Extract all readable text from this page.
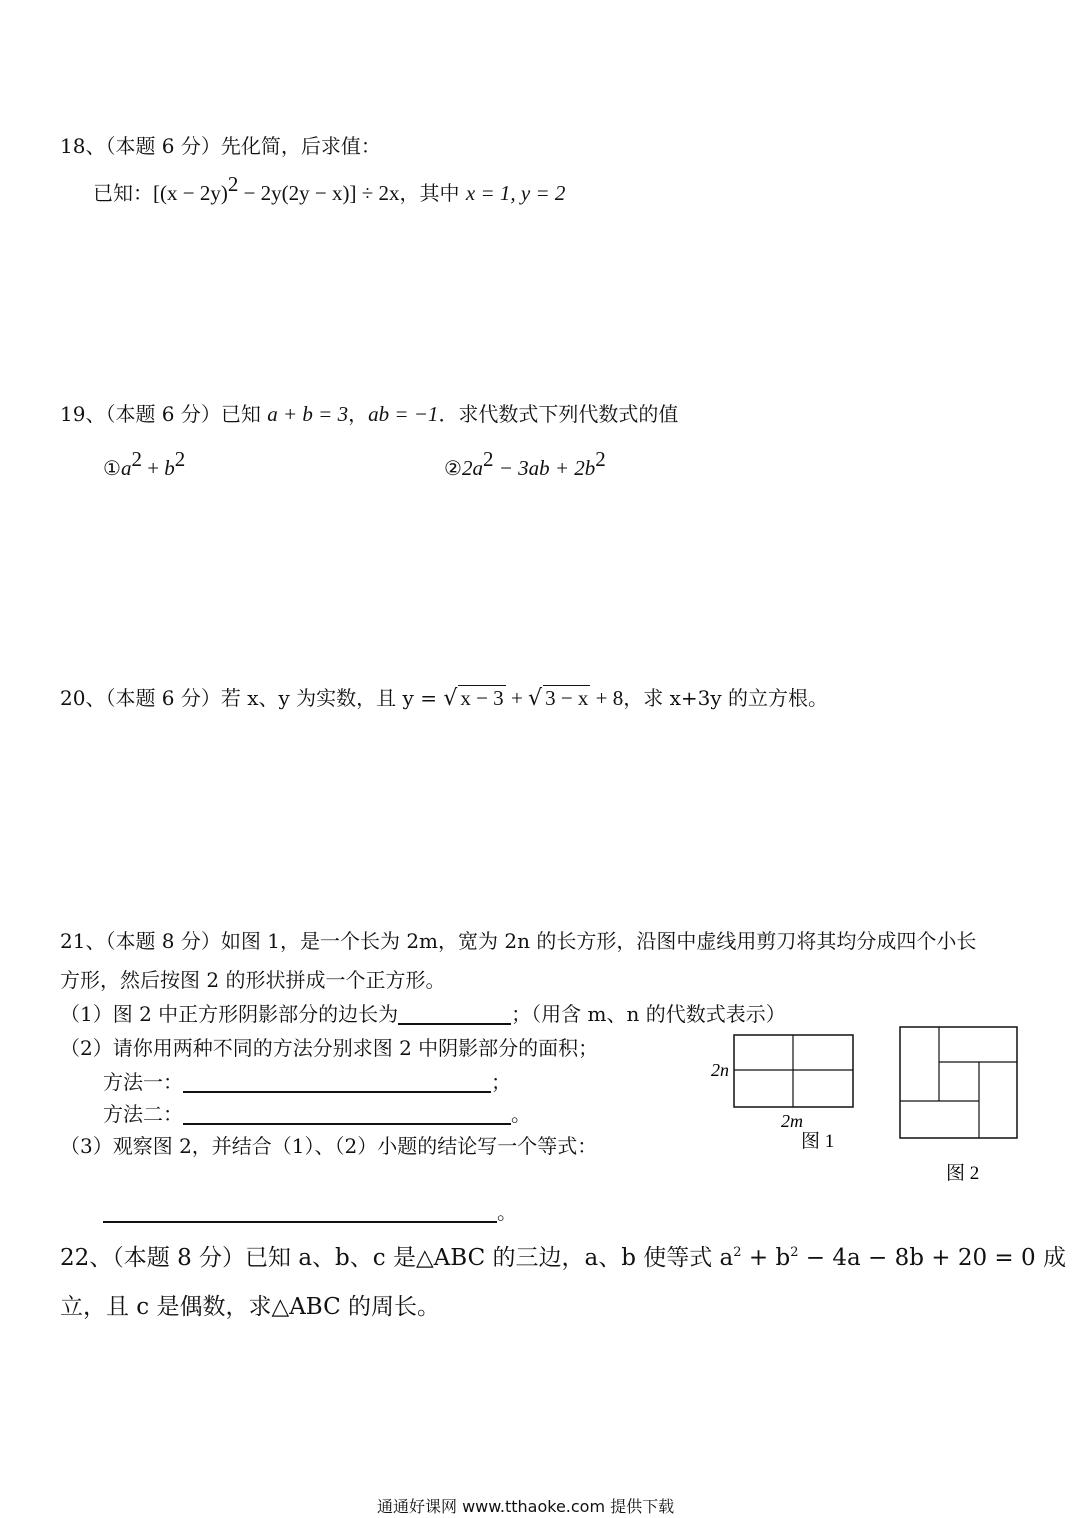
18、（本题 6 分）先化简，后求值：
已知：$[(x - 2y)^2 - 2y(2y - x)] \div 2x$，其中 x = 1, y = 2
19、（本题 6 分）已知 a + b = 3，ab = −1．求代数式下列代数式的值
$①a^2 + b^2$	$②2a^2 - 3ab + 2b^2$
20、（本题 6 分）若 x、y 为实数，且 y = √ x − 3 + √ 3 − x + 8，求 x+3y 的立方根。
21、（本题 8 分）如图 1，是一个长为 2m，宽为 2n 的长方形，沿图中虚线用剪刀将其均分成四个小长
方形，然后按图 2 的形状拼成一个正方形。
（1）图 2 中正方形阴影部分的边长为	；（用含 m、n 的代数式表示）
（2）请你用两种不同的方法分别求图 2 中阴影部分的面积；
方法一：	；
方法二：	。
（3）观察图 2，并结合（1）、（2）小题的结论写一个等式：
。
2n
2m
图 1
图 2
22、（本题 8 分）已知 a、b、c 是△ABC 的三边，a、b 使等式 $a^2 + b^2 - 4a - 8b + 20 = 0$ 成
立，且 c 是偶数，求△ABC 的周长。
通通好课网 www.tthaoke.com 提供下载
